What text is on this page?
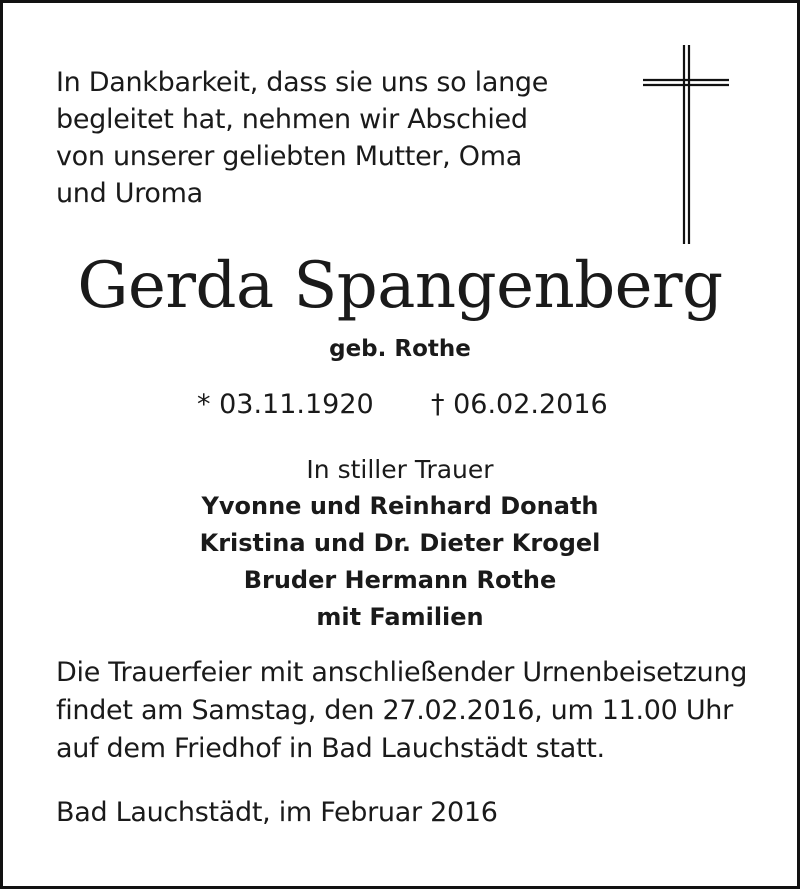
In Dankbarkeit, dass sie uns so lange
begleitet hat, nehmen wir Abschied
von unserer geliebten Mutter, Oma
und Uroma

Gerda Spangenberg
geb. Rothe
* 03.11.1920 † 06.02.2016
In stiller Trauer
Yvonne und Reinhard Donath
Kristina und Dr. Dieter Krogel
Bruder Hermann Rothe
mit Familien

Die Trauerfeier mit anschließender Urnenbeisetzung
findet am Samstag, den 27.02.2016, um 11.00 Uhr
auf dem Friedhof in Bad Lauchstädt statt.

Bad Lauchstädt, im Februar 2016
